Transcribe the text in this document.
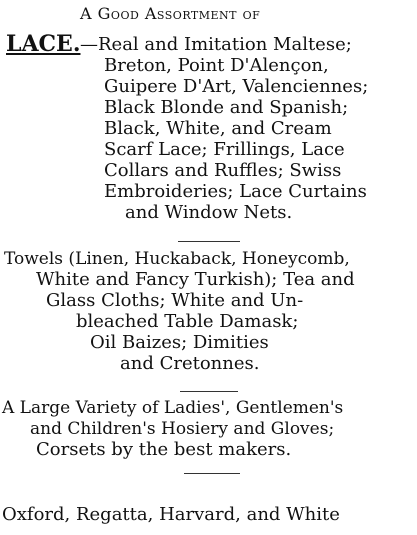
A Good Assortment of
LACE. —Real and Imitation Maltese;
Breton, Point D'Alençon,
Guipere D'Art, Valenciennes;
Black Blonde and Spanish;
Black, White, and Cream
Scarf Lace; Frillings, Lace
Collars and Ruffles; Swiss
Embroideries; Lace Curtains
and Window Nets.
Towels (Linen, Huckaback, Honeycomb,
White and Fancy Turkish); Tea and
Glass Cloths; White and Un-
bleached Table Damask;
Oil Baizes; Dimities
and Cretonnes.
A Large Variety of Ladies', Gentlemen's
and Children's Hosiery and Gloves;
Corsets by the best makers.
Oxford, Regatta, Harvard, and White
